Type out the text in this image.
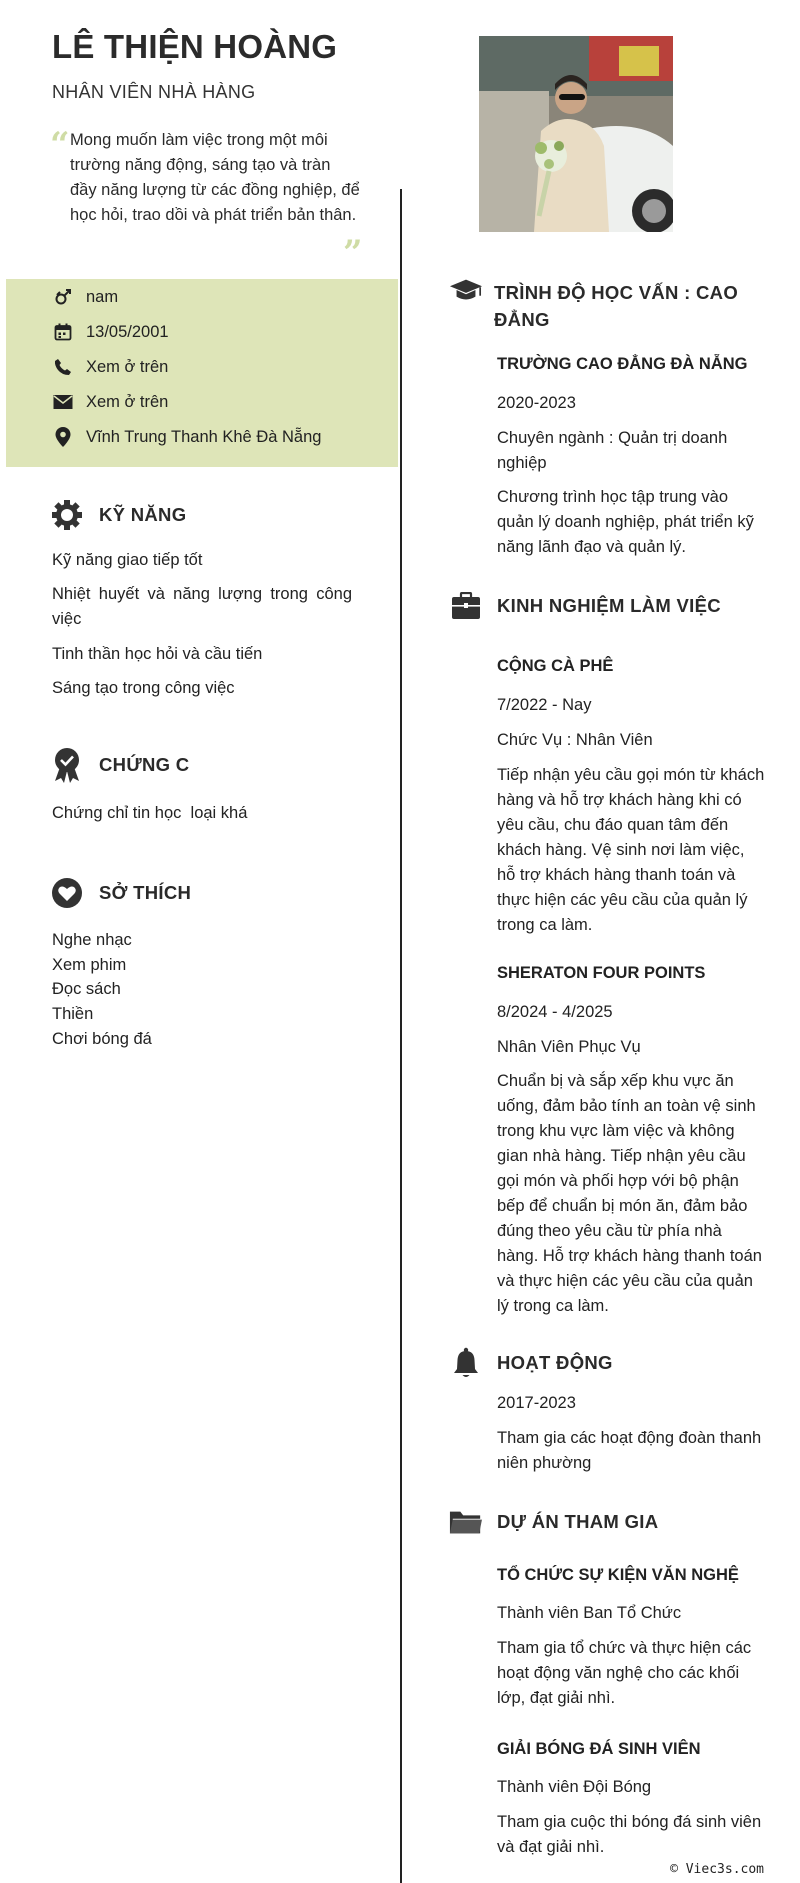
LÊ THIỆN HOÀNG
NHÂN VIÊN NHÀ HÀNG
“ Mong muốn làm việc trong một môi trường năng động, sáng tạo và tràn đầy năng lượng từ các đồng nghiệp, để học hỏi, trao dồi và phát triển bản thân.
”
nam
13/05/2001
Xem ở trên
Xem ở trên
Vĩnh Trung Thanh Khê Đà Nẵng
KỸ NĂNG
Kỹ năng giao tiếp tốt
Nhiệt huyết và năng lượng trong công việc
Tinh thần học hỏi và cầu tiến
Sáng tạo trong công việc
CHỨNG C
Chứng chỉ tin học  loại khá
SỞ THÍCH
Nghe nhạc
Xem phim
Đọc sách
Thiền
Chơi bóng đá
TRÌNH ĐỘ HỌC VẤN : CAO ĐẲNG
TRƯỜNG CAO ĐẲNG ĐÀ NẴNG
2020-2023
Chuyên ngành : Quản trị doanh nghiệp
Chương trình học tập trung vào quản lý doanh nghiệp, phát triển kỹ năng lãnh đạo và quản lý.
KINH NGHIỆM LÀM VIỆC
CỘNG CÀ PHÊ
7/2022 - Nay
Chức Vụ : Nhân Viên
Tiếp nhận yêu cầu gọi món từ khách hàng và hỗ trợ khách hàng khi có yêu cầu, chu đáo quan tâm đến khách hàng. Vệ sinh nơi làm việc, hỗ trợ khách hàng thanh toán và thực hiện các yêu cầu của quản lý trong ca làm.
SHERATON FOUR POINTS
8/2024 - 4/2025
Nhân Viên Phục Vụ
Chuẩn bị và sắp xếp khu vực ăn uống, đảm bảo tính an toàn vệ sinh trong khu vực làm việc và không gian nhà hàng. Tiếp nhận yêu cầu gọi món và phối hợp với bộ phận bếp để chuẩn bị món ăn, đảm bảo đúng theo yêu cầu từ phía nhà hàng. Hỗ trợ khách hàng thanh toán và thực hiện các yêu cầu của quản lý trong ca làm.
HOẠT ĐỘNG
2017-2023
Tham gia các hoạt động đoàn thanh niên phường
DỰ ÁN THAM GIA
TỔ CHỨC SỰ KIỆN VĂN NGHỆ
Thành viên Ban Tổ Chức
Tham gia tổ chức và thực hiện các hoạt động văn nghệ cho các khối lớp, đạt giải nhì.
GIẢI BÓNG ĐÁ SINH VIÊN
Thành viên Đội Bóng
Tham gia cuộc thi bóng đá sinh viên và đạt giải nhì.
© Viec3s.com
